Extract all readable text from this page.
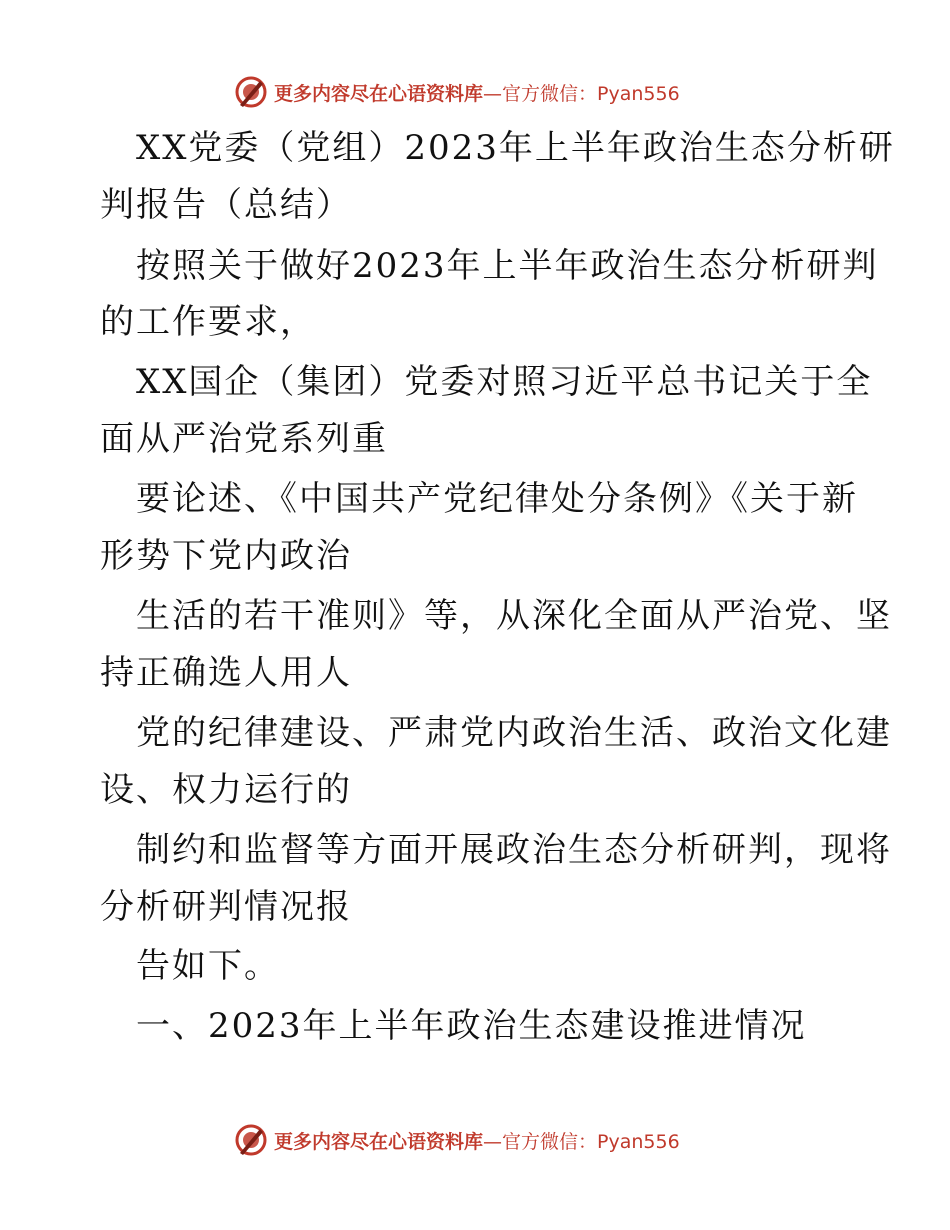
更多内容尽在心语资料库—官方微信：Pyan556
XX党委（党组）2023年上半年政治生态分析研
判报告（总结）
按照关于做好2023年上半年政治生态分析研判
的工作要求，
XX国企（集团）党委对照习近平总书记关于全
面从严治党系列重
要论述、《中国共产党纪律处分条例》《关于新
形势下党内政治
生活的若干准则》等，从深化全面从严治党、坚
持正确选人用人
党的纪律建设、严肃党内政治生活、政治文化建
设、权力运行的
制约和监督等方面开展政治生态分析研判，现将
分析研判情况报
告如下。
一、2023年上半年政治生态建设推进情况
更多内容尽在心语资料库—官方微信：Pyan556
